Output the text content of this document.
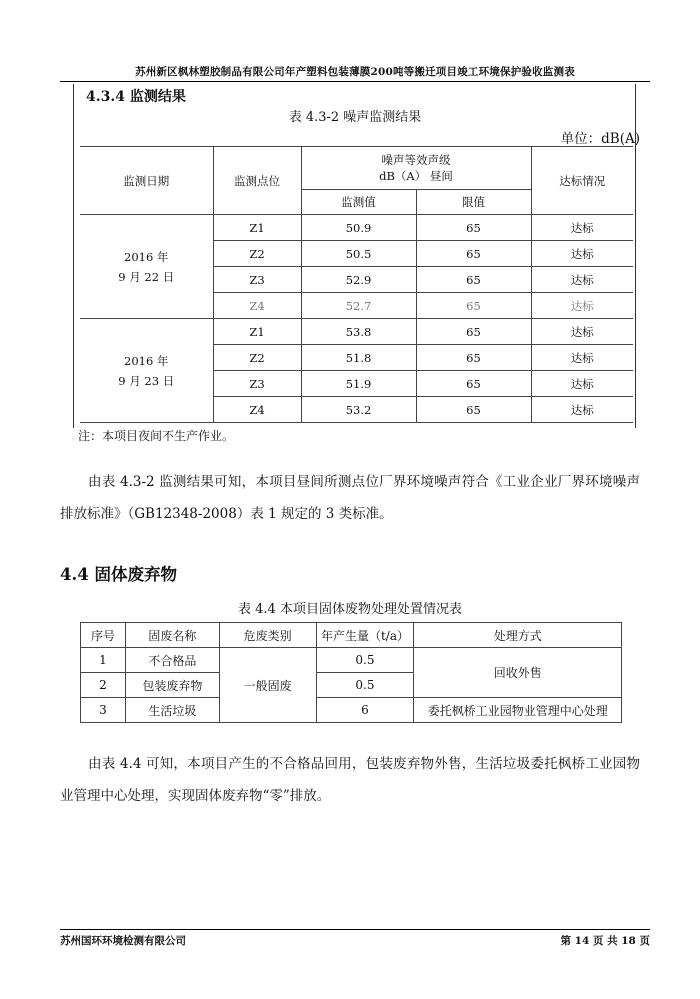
苏州新区枫林塑胶制品有限公司年产塑料包装薄膜200吨等搬迁项目竣工环境保护验收监测表
4.3.4 监测结果
表 4.3-2 噪声监测结果
单位：dB(A)
监测日期	监测点位	噪声等效声级
dB（A） 昼间		达标情况
		监测值	限值	

2016 年
9 月 22 日	Z1	50.9	65	达标
	Z2	50.5	65	达标
	Z3	52.9	65	达标
	Z4	52.7	65	达标

2016 年
9 月 23 日	Z1	53.8	65	达标
	Z2	51.8	65	达标
	Z3	51.9	65	达标
	Z4	53.2	65	达标
注：本项目夜间不生产作业。
由表 4.3-2 监测结果可知，本项目昼间所测点位厂界环境噪声符合《工业企业厂界环境噪声排放标准》（GB12348-2008）表 1 规定的 3 类标准。
4.4 固体废弃物
表 4.4 本项目固体废物处理处置情况表
序号	固废名称	危废类别	年产生量（t/a）	处理方式
1	不合格品	一般固废	0.5	回收外售
2	包装废弃物		0.5	
3	生活垃圾		6	委托枫桥工业园物业管理中心处理
由表 4.4 可知，本项目产生的不合格品回用，包装废弃物外售，生活垃圾委托枫桥工业园物业管理中心处理，实现固体废弃物“零”排放。
苏州国环环境检测有限公司	第 14 页 共 18 页
